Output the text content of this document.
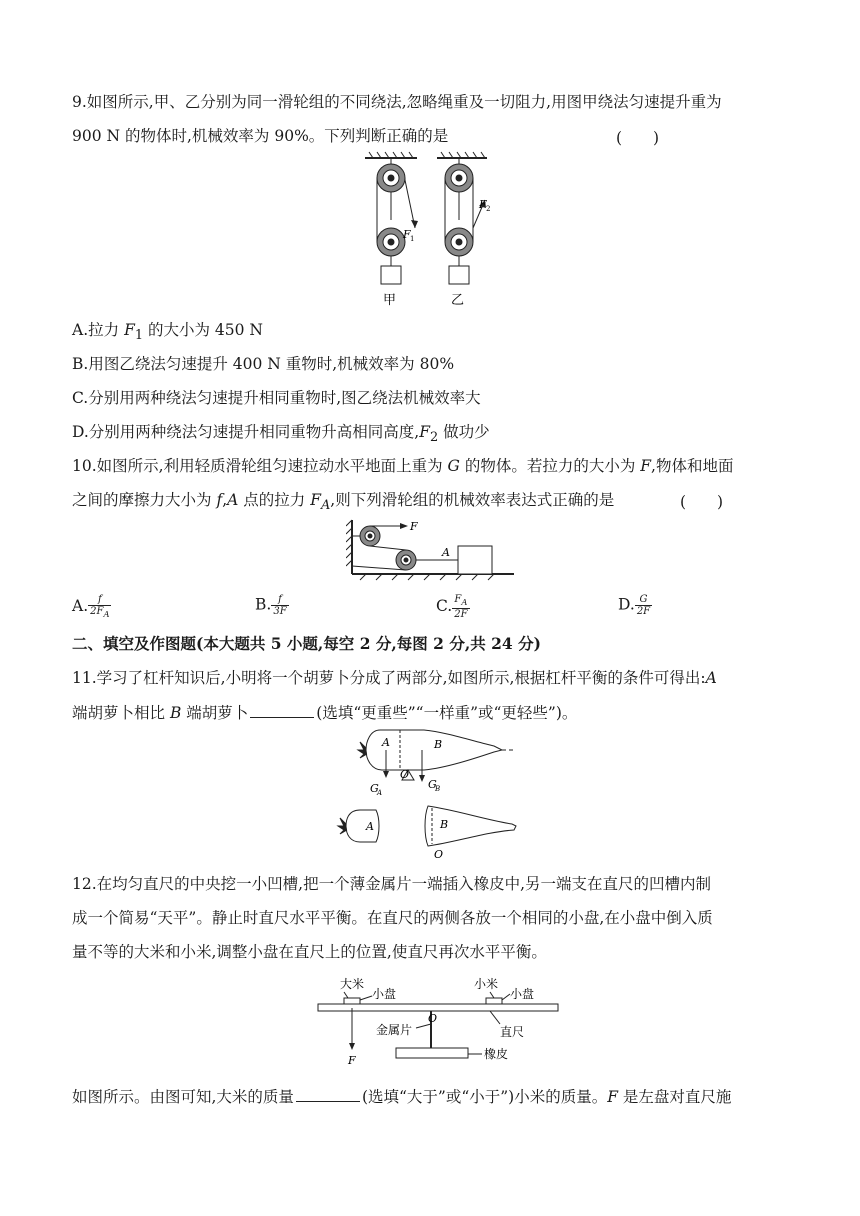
9.如图所示,甲、乙分别为同一滑轮组的不同绕法,忽略绳重及一切阻力,用图甲绕法匀速提升重为
900 N 的物体时,机械效率为 90%。下列判断正确的是	(　　)
F 1
F 2
甲	乙
A.拉力 $F_1$ 的大小为 450 N
B.用图乙绕法匀速提升 400 N 重物时,机械效率为 80%
C.分别用两种绕法匀速提升相同重物时,图乙绕法机械效率大
D.分别用两种绕法匀速提升相同重物升高相同高度$,F_2$ 做功少
10.如图所示,利用轻质滑轮组匀速拉动水平地面上重为 G 的物体。若拉力的大小为 F,物体和地面
之间的摩擦力大小为 f,A 点的拉力 $F_A$,则下列滑轮组的机械效率表达式正确的是	(　　)
F
A
A. $\frac{f}{2F_A}$	B. $\frac{f}{3F}$	C. $\frac{F_A}{2F}$	D. $\frac{G}{2F}$
二、填空及作图题(本大题共 5 小题,每空 2 分,每图 2 分,共 24 分)
11.学习了杠杆知识后,小明将一个胡萝卜分成了两部分,如图所示,根据杠杆平衡的条件可得出:A
端胡萝卜相比 B 端胡萝卜	(选填“更重些”“一样重”或“更轻些”)。
A	B
O
G
A
G
B
A	B
O
12.在均匀直尺的中央挖一小凹槽,把一个薄金属片一端插入橡皮中,另一端支在直尺的凹槽内制
成一个简易“天平”。静止时直尺水平平衡。在直尺的两侧各放一个相同的小盘,在小盘中倒入质
量不等的大米和小米,调整小盘在直尺上的位置,使直尺再次水平平衡。
大米
小盘
小米
小盘
O
金属片	直尺
橡皮
F
如图所示。由图可知,大米的质量	(选填“大于”或“小于”)小米的质量。F 是左盘对直尺施
